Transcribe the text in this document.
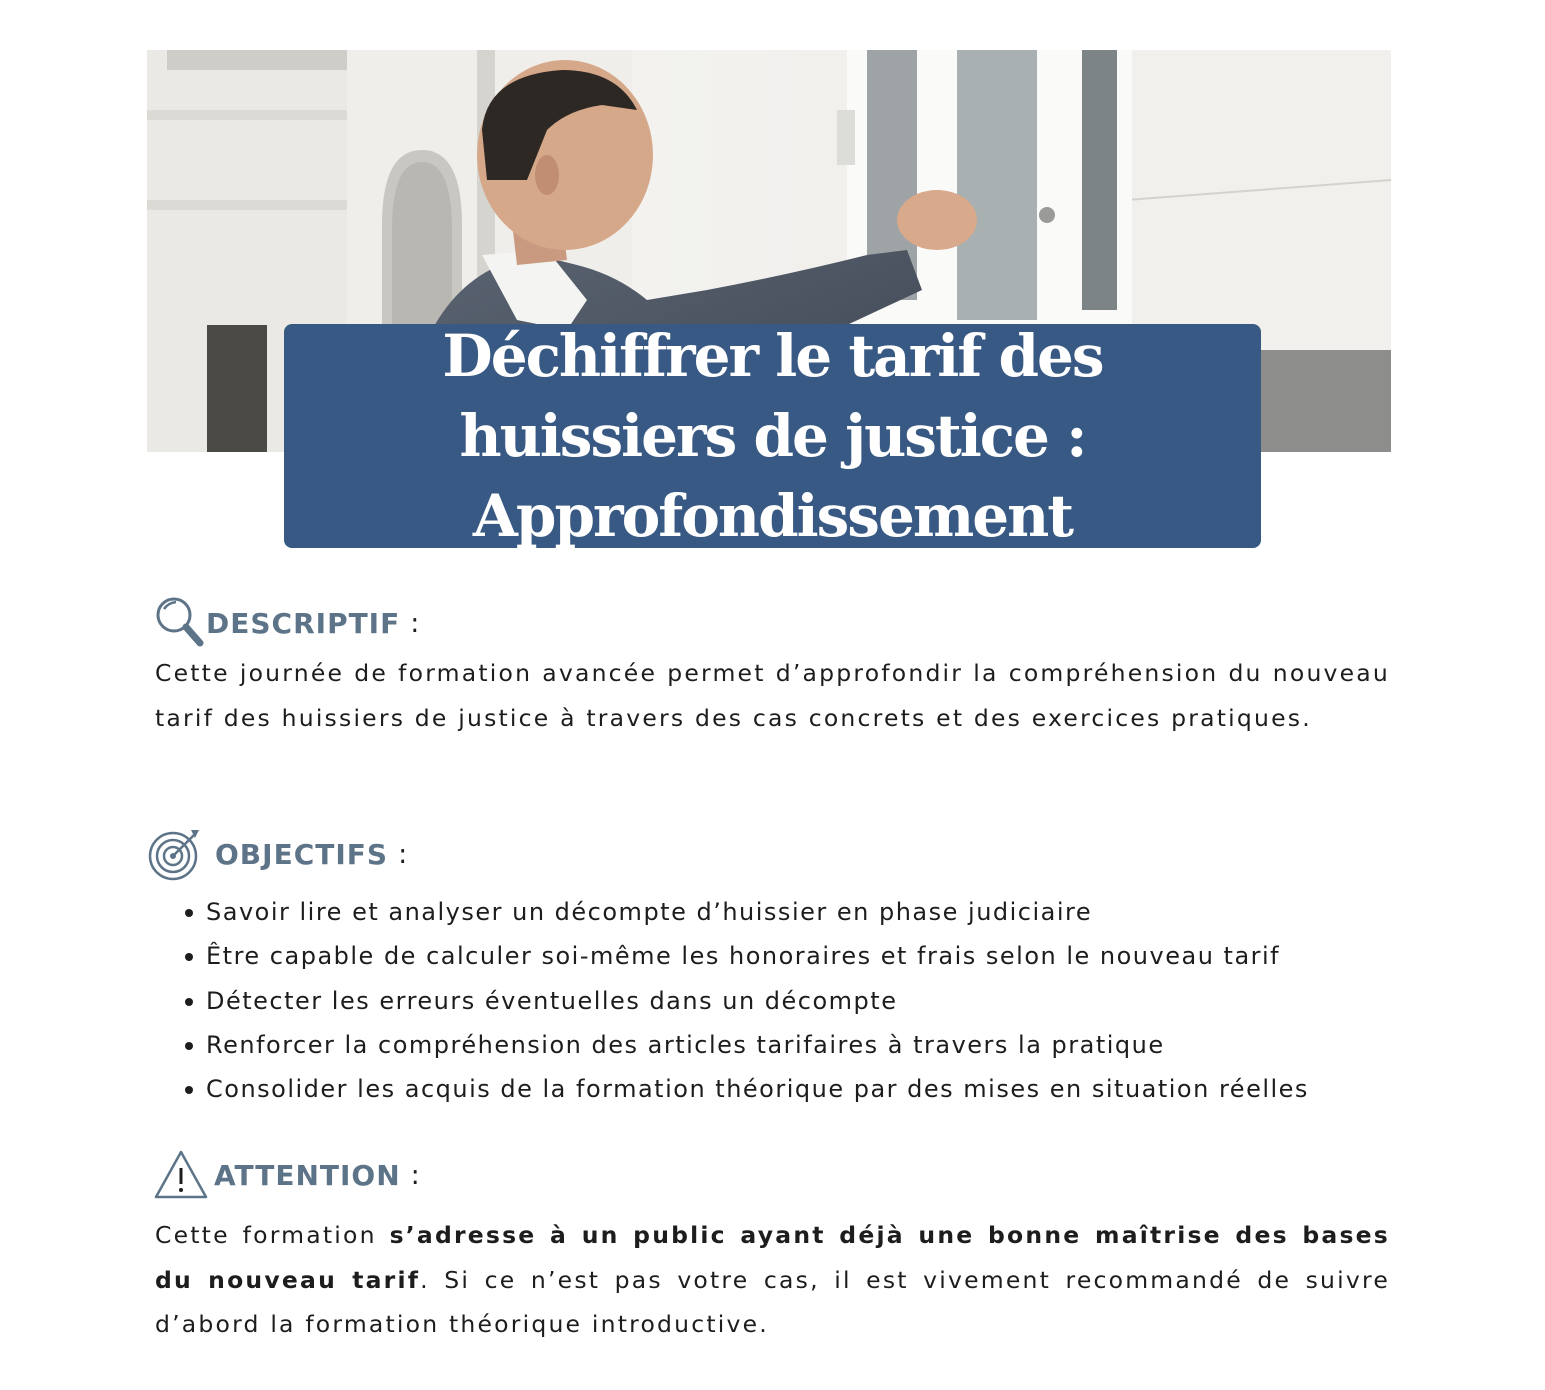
Déchiffrer le tarif des huissiers de justice : Approfondissement
DESCRIPTIF :

Cette journée de formation avancée permet d’approfondir la compréhension du nouveau tarif des huissiers de justice à travers des cas concrets et des exercices pratiques.

OBJECTIFS :
Savoir lire et analyser un décompte d’huissier en phase judiciaire
Être capable de calculer soi-même les honoraires et frais selon le nouveau tarif
Détecter les erreurs éventuelles dans un décompte
Renforcer la compréhension des articles tarifaires à travers la pratique
Consolider les acquis de la formation théorique par des mises en situation réelles
ATTENTION :

Cette formation s’adresse à un public ayant déjà une bonne maîtrise des bases du nouveau tarif. Si ce n’est pas votre cas, il est vivement recommandé de suivre d’abord la formation théorique introductive.
